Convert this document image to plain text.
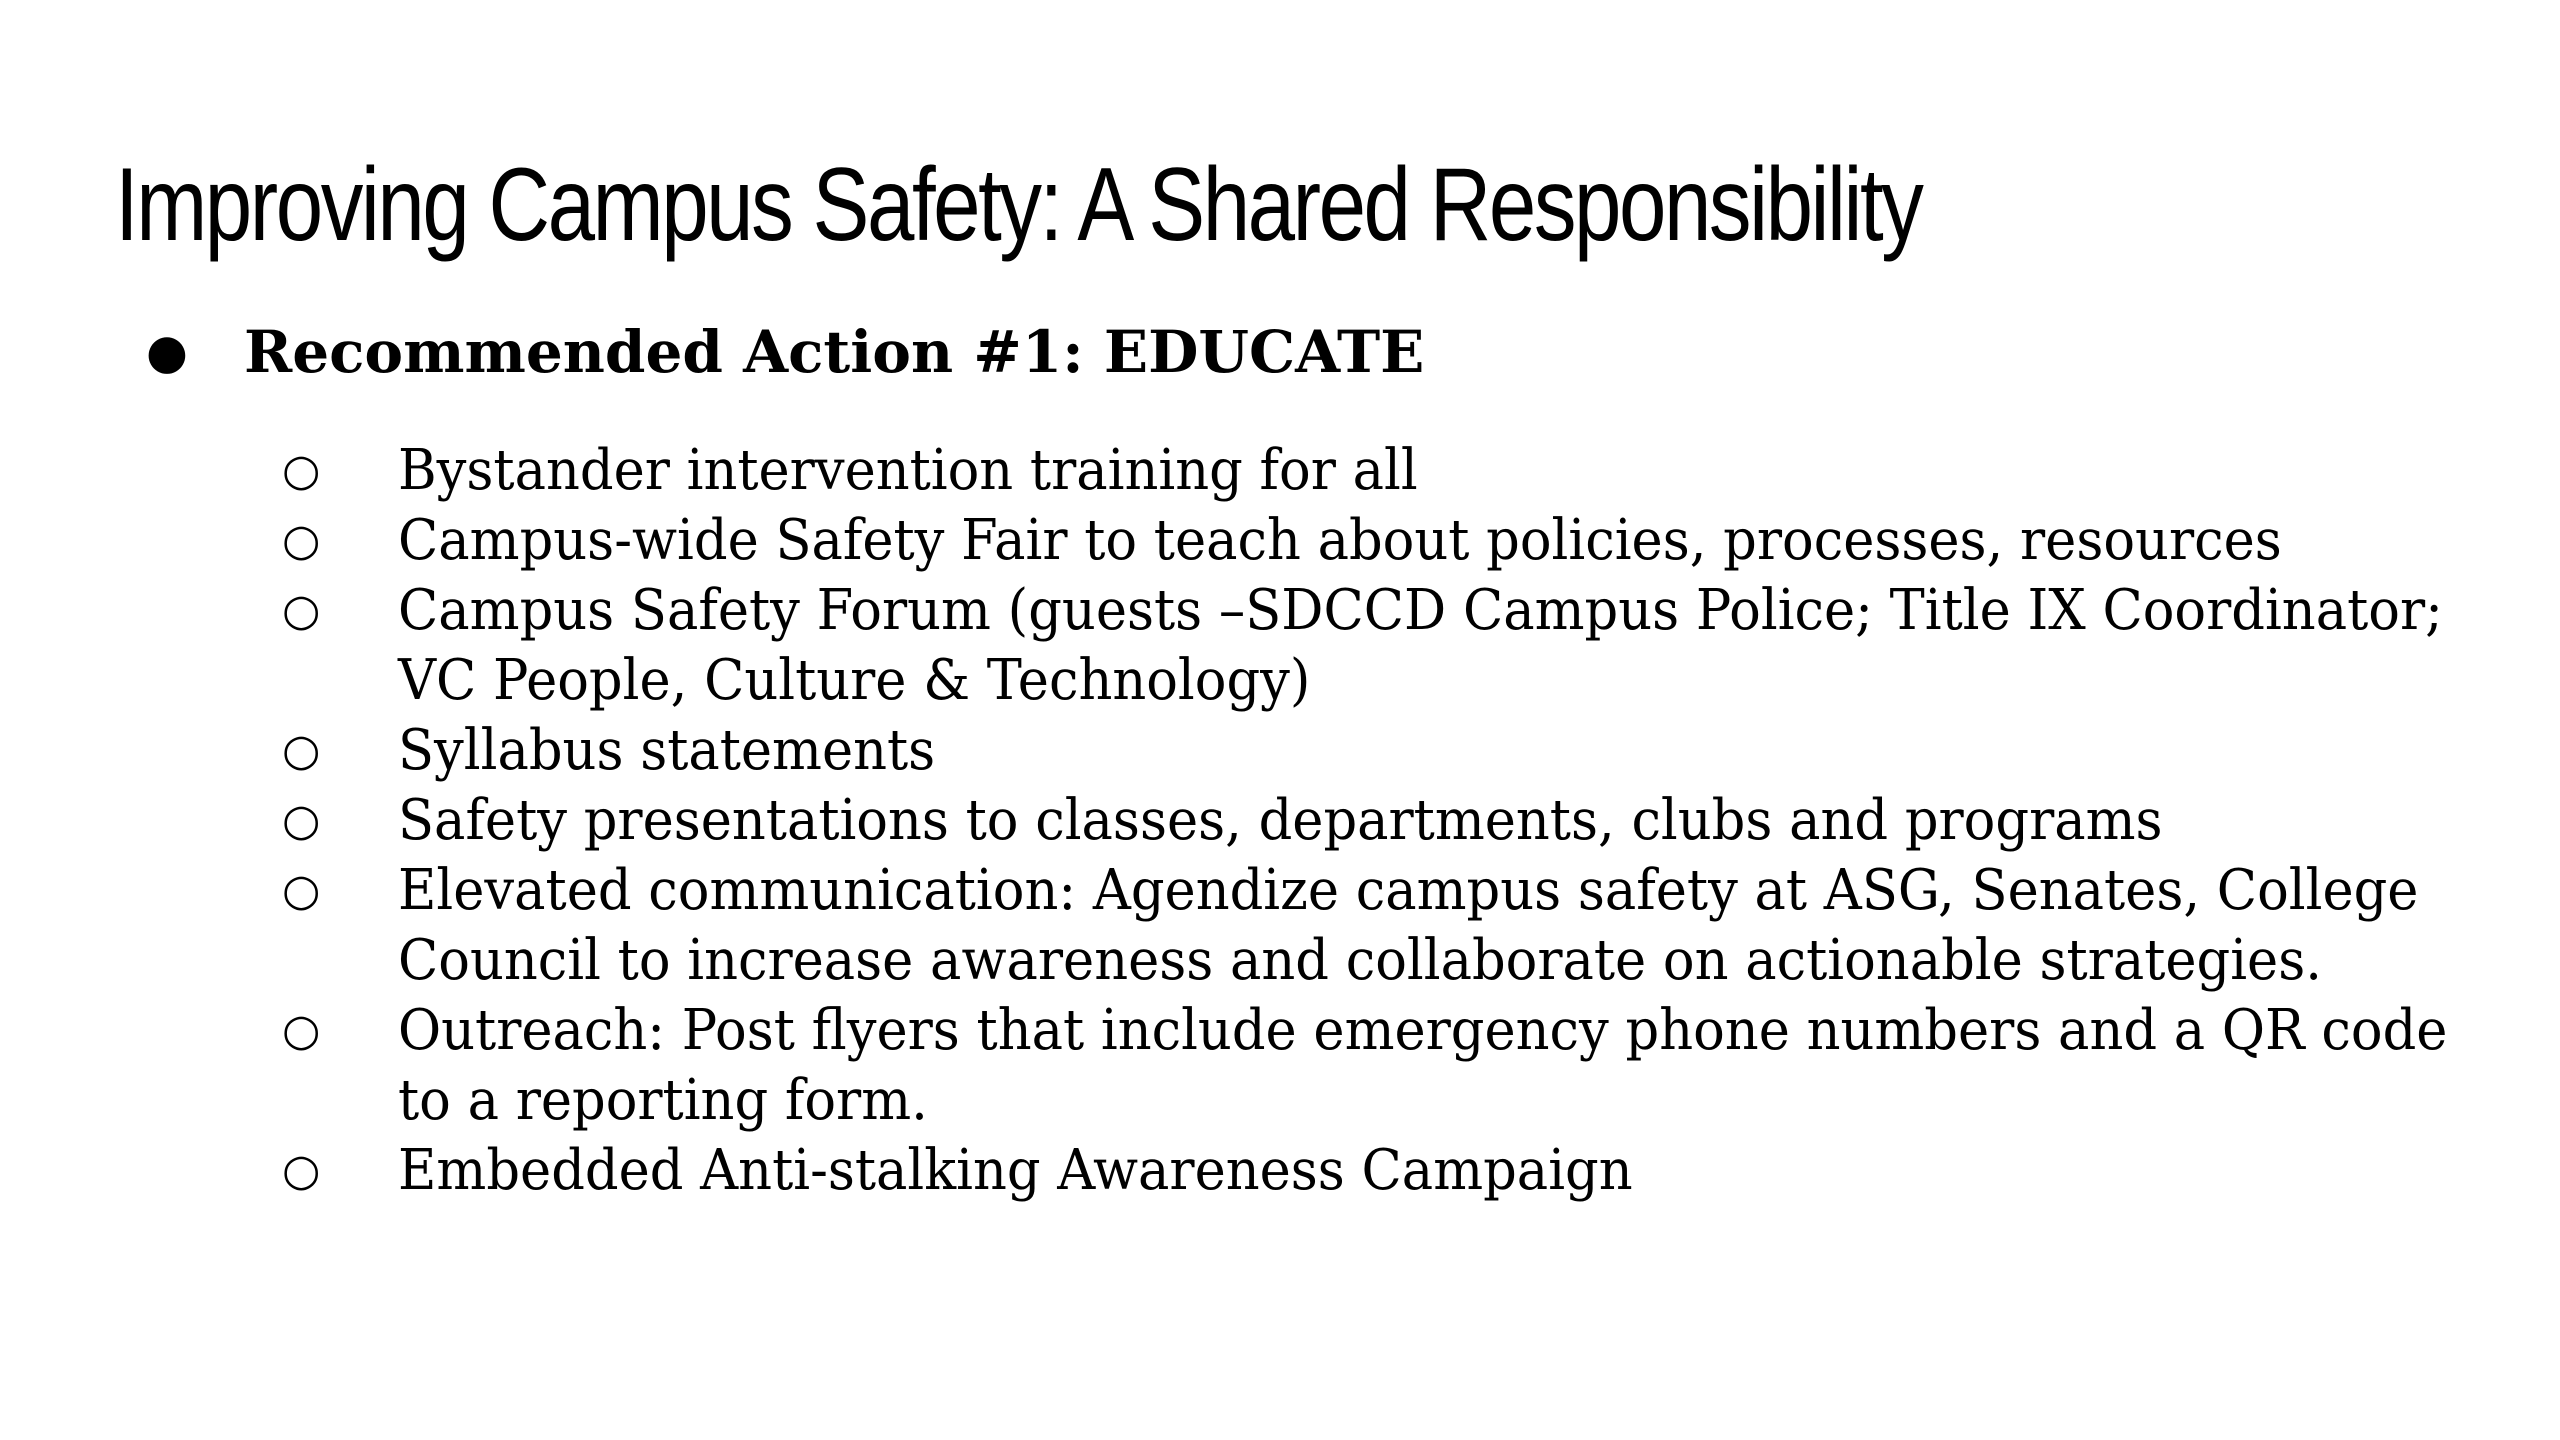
Improving Campus Safety: A Shared Responsibility
● Recommended Action #1: EDUCATE
○ Bystander intervention training for all
○ Campus-wide Safety Fair to teach about policies, processes, resources
○ Campus Safety Forum (guests –SDCCD Campus Police; Title IX Coordinator; VC People, Culture & Technology)
○ Syllabus statements
○ Safety presentations to classes, departments, clubs and programs
○ Elevated communication: Agendize campus safety at ASG, Senates, College Council to increase awareness and collaborate on actionable strategies.
○ Outreach: Post flyers that include emergency phone numbers and a QR code to a reporting form.
○ Embedded Anti-stalking Awareness Campaign
